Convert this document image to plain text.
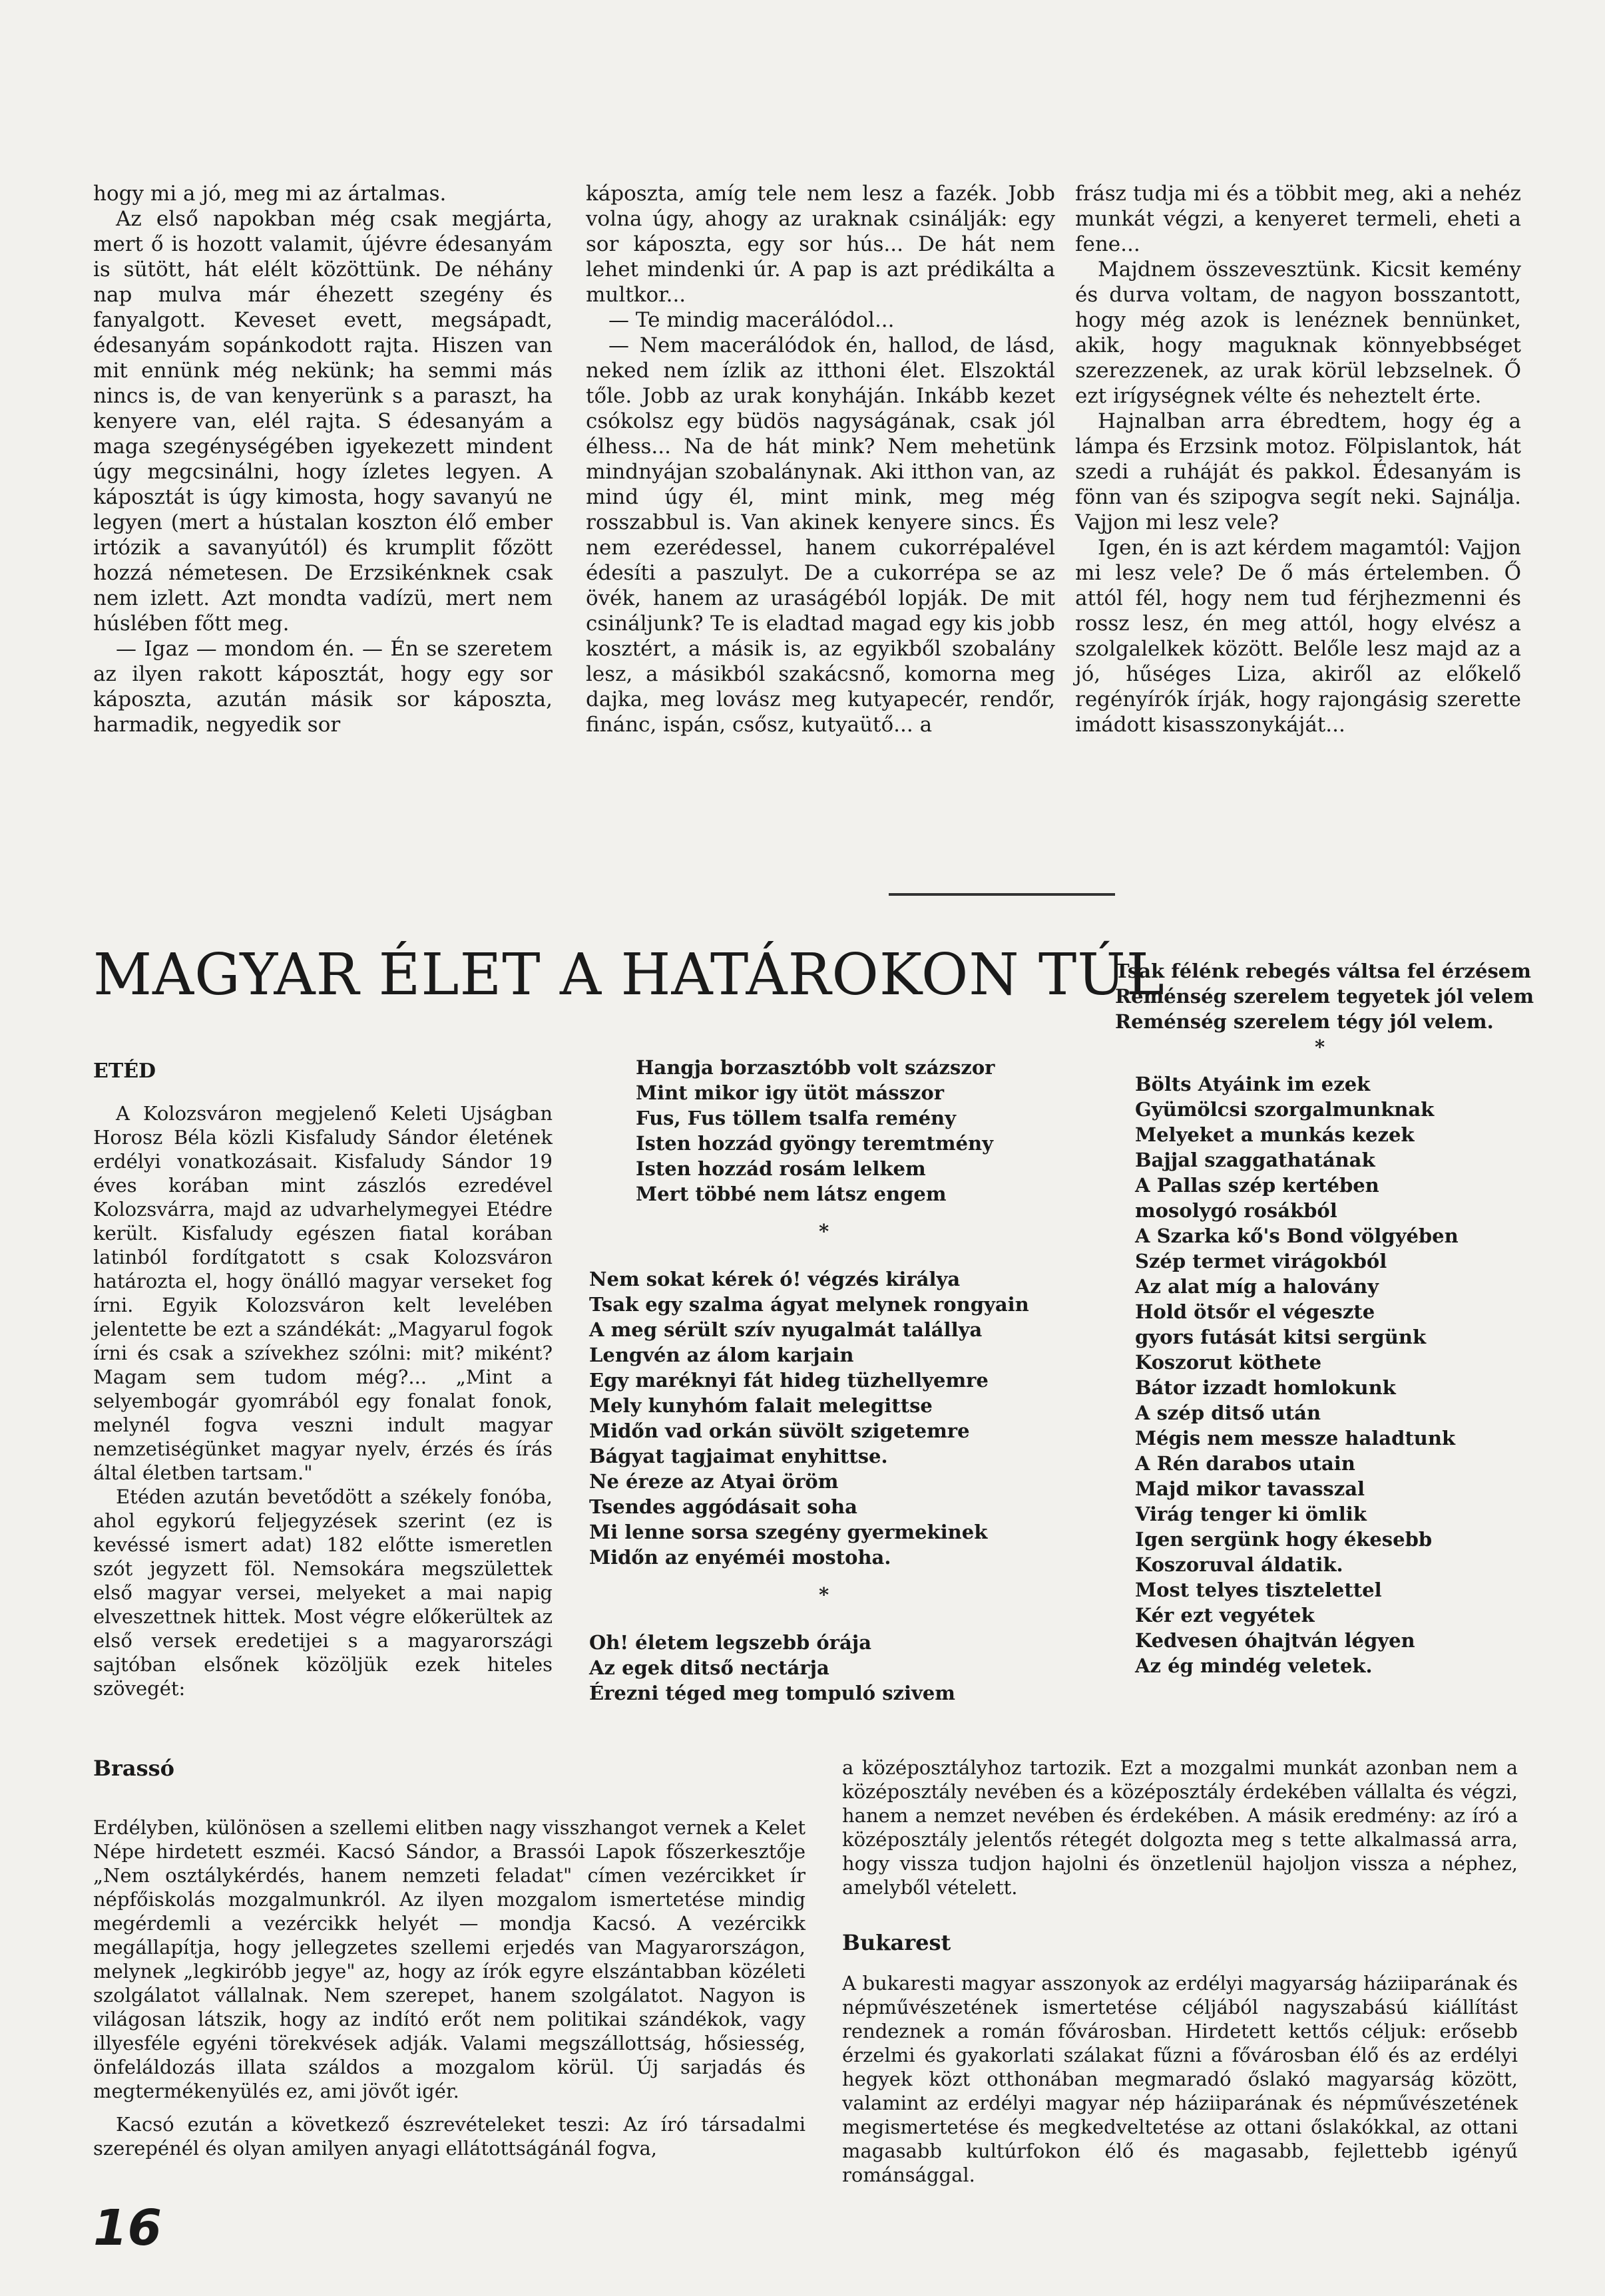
hogy mi a jó, meg mi az ártalmas.

Az első napokban még csak megjárta, mert ő is hozott valamit, újévre édesanyám is sütött, hát elélt közöttünk. De néhány nap mulva már éhezett szegény és fanyalgott. Keveset evett, megsápadt, édesanyám sopánkodott rajta. Hiszen van mit ennünk még nekünk; ha semmi más nincs is, de van kenyerünk s a paraszt, ha kenyere van, elél rajta. S édesanyám a maga szegénységében igyekezett mindent úgy megcsinálni, hogy ízletes legyen. A káposztát is úgy kimosta, hogy savanyú ne legyen (mert a hústalan koszton élő ember irtózik a savanyútól) és krumplit főzött hozzá németesen. De Erzsikénknek csak nem izlett. Azt mondta vadízü, mert nem húslében főtt meg.

— Igaz — mondom én. — Én se szeretem az ilyen rakott káposztát, hogy egy sor káposzta, azután másik sor káposzta, harmadik, negyedik sor

káposzta, amíg tele nem lesz a fazék. Jobb volna úgy, ahogy az uraknak csinálják: egy sor káposzta, egy sor hús... De hát nem lehet mindenki úr. A pap is azt prédikálta a multkor...

— Te mindig macerálódol...

— Nem macerálódok én, hallod, de lásd, neked nem ízlik az itthoni élet. Elszoktál tőle. Jobb az urak konyháján. Inkább kezet csókolsz egy büdös nagyságának, csak jól élhess... Na de hát mink? Nem mehetünk mindnyájan szobalánynak. Aki itthon van, az mind úgy él, mint mink, meg még rosszabbul is. Van akinek kenyere sincs. És nem ezerédessel, hanem cukorrépalével édesíti a paszulyt. De a cukorrépa se az övék, hanem az uraságéból lopják. De mit csináljunk? Te is eladtad magad egy kis jobb kosztért, a másik is, az egyikből szobalány lesz, a másikból szakácsnő, komorna meg dajka, meg lovász meg kutyapecér, rendőr, finánc, ispán, csősz, kutyaütő... a

frász tudja mi és a többit meg, aki a nehéz munkát végzi, a kenyeret termeli, eheti a fene...

Majdnem összevesztünk. Kicsit kemény és durva voltam, de nagyon bosszantott, hogy még azok is lenéznek bennünket, akik, hogy maguknak könnyebbséget szerezzenek, az urak körül lebzselnek. Ő ezt irígységnek vélte és neheztelt érte.

Hajnalban arra ébredtem, hogy ég a lámpa és Erzsink motoz. Fölpislantok, hát szedi a ruháját és pakkol. Édesanyám is fönn van és szipogva segít neki. Sajnálja. Vajjon mi lesz vele?

Igen, én is azt kérdem magamtól: Vajjon mi lesz vele? De ő más értelemben. Ő attól fél, hogy nem tud férjhezmenni és rossz lesz, én meg attól, hogy elvész a szolgalelkek között. Belőle lesz majd az a jó, hűséges Liza, akiről az előkelő regényírók írják, hogy rajongásig szerette imádott kisasszonykáját...

MAGYAR ÉLET A HATÁROKON TÚL
Tsak félénk rebegés váltsa fel érzésem
Reménség szerelem tegyetek jól velem
Reménség szerelem tégy jól velem.
*
Bölts Atyáink im ezek
Gyümölcsi szorgalmunknak
Melyeket a munkás kezek
Bajjal szaggathatának
A Pallas szép kertében
mosolygó rosákból
A Szarka kő's Bond völgyében
Szép termet virágokból
Az alat míg a halovány
Hold ötsőr el végeszte
gyors futását kitsi sergünk
Koszorut köthete
Bátor izzadt homlokunk
A szép ditső után
Mégis nem messze haladtunk
A Rén darabos utain
Majd mikor tavasszal
Virág tenger ki ömlik
Igen sergünk hogy ékesebb
Koszoruval áldatik.
Most telyes tisztelettel
Kér ezt vegyétek
Kedvesen óhajtván légyen
Az ég mindég veletek.
Hangja borzasztóbb volt százszor
Mint mikor igy ütöt másszor
Fus, Fus töllem tsalfa remény
Isten hozzád gyöngy teremtmény
Isten hozzád rosám lelkem
Mert többé nem látsz engem
*
Nem sokat kérek ó! végzés királya
Tsak egy szalma ágyat melynek rongyain
A meg sérült szív nyugalmát talállya
Lengvén az álom karjain
Egy maréknyi fát hideg tüzhellyemre
Mely kunyhóm falait melegittse
Midőn vad orkán süvölt szigetemre
Bágyat tagjaimat enyhittse.
Ne éreze az Atyai öröm
Tsendes aggódásait soha
Mi lenne sorsa szegény gyermekinek
Midőn az enyéméi mostoha.
*
Oh! életem legszebb órája
Az egek ditső nectárja
Érezni téged meg tompuló szivem
ETÉD

A Kolozsváron megjelenő Keleti Ujságban Horosz Béla közli Kisfaludy Sándor életének erdélyi vonatkozásait. Kisfaludy Sándor 19 éves korában mint zászlós ezredével Kolozsvárra, majd az udvarhelymegyei Etédre került. Kisfaludy egészen fiatal korában latinból fordítgatott s csak Kolozsváron határozta el, hogy önálló magyar verseket fog írni. Egyik Kolozsváron kelt levelében jelentette be ezt a szándékát: „Magyarul fogok írni és csak a szívekhez szólni: mit? miként? Magam sem tudom még?... „Mint a selyembogár gyomrából egy fonalat fonok, melynél fogva veszni indult magyar nemzetiségünket magyar nyelv, érzés és írás által életben tartsam."

Etéden azután bevetődött a székely fonóba, ahol egykorú feljegyzések szerint (ez is kevéssé ismert adat) 182 előtte ismeretlen szót jegyzett föl. Nemsokára megszülettek első magyar versei, melyeket a mai napig elveszettnek hittek. Most végre előkerültek az első versek eredetijei s a magyarországi sajtóban elsőnek közöljük ezek hiteles szövegét:

Brassó

Erdélyben, különösen a szellemi elitben nagy visszhangot vernek a Kelet Népe hirdetett eszméi. Kacsó Sándor, a Brassói Lapok főszerkesztője „Nem osztálykérdés, hanem nemzeti feladat" címen vezércikket ír népfőiskolás mozgalmunkról. Az ilyen mozgalom ismertetése mindig megérdemli a vezércikk helyét — mondja Kacsó. A vezércikk megállapítja, hogy jellegzetes szellemi erjedés van Magyarországon, melynek „legkiróbb jegye" az, hogy az írók egyre elszántabban közéleti szolgálatot vállalnak. Nem szerepet, hanem szolgálatot. Nagyon is világosan látszik, hogy az indító erőt nem politikai szándékok, vagy illyesféle egyéni törekvések adják. Valami megszállottság, hősiesség, önfeláldozás illata száldos a mozgalom körül. Új sarjadás és megtermékenyülés ez, ami jövőt igér.

Kacsó ezután a következő észrevételeket teszi: Az író társadalmi szerepénél és olyan amilyen anyagi ellátottságánál fogva,

a középosztályhoz tartozik. Ezt a mozgalmi munkát azonban nem a középosztály nevében és a középosztály érdekében vállalta és végzi, hanem a nemzet nevében és érdekében. A másik eredmény: az író a középosztály jelentős rétegét dolgozta meg s tette alkalmassá arra, hogy vissza tudjon hajolni és önzetlenül hajoljon vissza a néphez, amelyből vételett.

Bukarest

A bukaresti magyar asszonyok az erdélyi magyarság háziiparának és népművészetének ismertetése céljából nagyszabású kiállítást rendeznek a román fővárosban. Hirdetett kettős céljuk: erősebb érzelmi és gyakorlati szálakat fűzni a fővárosban élő és az erdélyi hegyek közt otthonában megmaradó őslakó magyarság között, valamint az erdélyi magyar nép háziiparának és népművészetének megismertetése és megkedveltetése az ottani őslakókkal, az ottani magasabb kultúrfokon élő és magasabb, fejlettebb igényű románsággal.

16
